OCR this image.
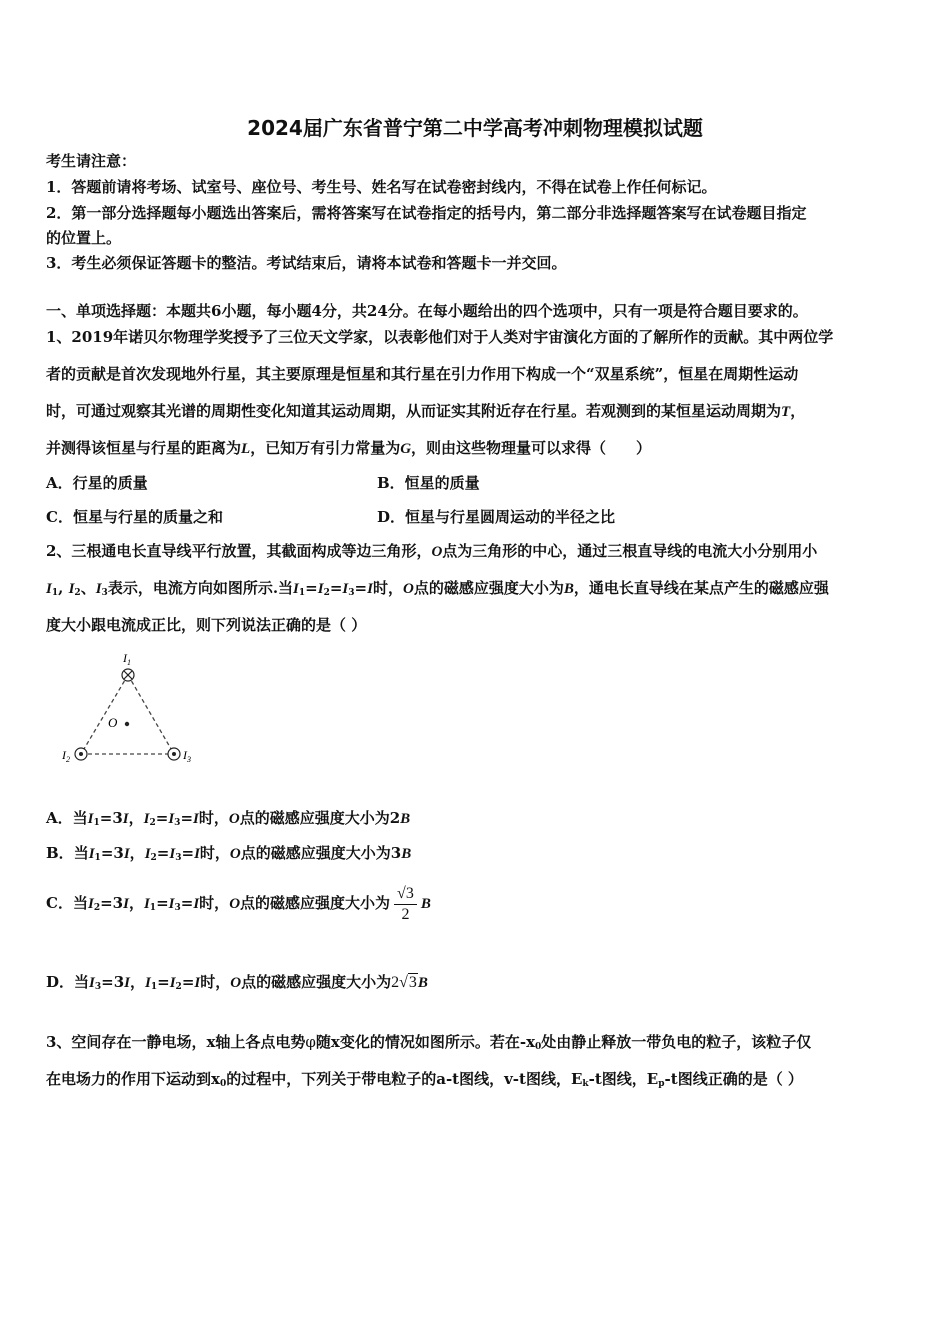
2024届广东省普宁第二中学高考冲刺物理模拟试题
考生请注意：
1．答题前请将考场、试室号、座位号、考生号、姓名写在试卷密封线内，不得在试卷上作任何标记。
2．第一部分选择题每小题选出答案后，需将答案写在试卷指定的括号内，第二部分非选择题答案写在试卷题目指定
的位置上。
3．考生必须保证答题卡的整洁。考试结束后，请将本试卷和答题卡一并交回。
一、单项选择题：本题共6小题，每小题4分，共24分。在每小题给出的四个选项中，只有一项是符合题目要求的。
1、2019年诺贝尔物理学奖授予了三位天文学家，以表彰他们对于人类对宇宙演化方面的了解所作的贡献。其中两位学
者的贡献是首次发现地外行星，其主要原理是恒星和其行星在引力作用下构成一个“双星系统”，恒星在周期性运动
时，可通过观察其光谱的周期性变化知道其运动周期，从而证实其附近存在行星。若观测到的某恒星运动周期为T，
并测得该恒星与行星的距离为L，已知万有引力常量为G，则由这些物理量可以求得（　　）
A．行星的质量	B．恒星的质量
C．恒星与行星的质量之和	D．恒星与行星圆周运动的半径之比
2、三根通电长直导线平行放置，其截面构成等边三角形，O点为三角形的中心，通过三根直导线的电流大小分别用小
$I_1$, $I_2$、$I_3$表示，电流方向如图所示.当$I_1=I_2=I_3=I$时，O点的磁感应强度大小为B，通电长直导线在某点产生的磁感应强
度大小跟电流成正比，则下列说法正确的是（ ）
O
$I_1$
$I_2$	$I_3$
A．当$I_1=3I$，$I_2=I_3=I$时，O点的磁感应强度大小为2B
B．当$I_1=3I$，$I_2=I_3=I$时，O点的磁感应强度大小为3B
C．当$I_2=3I$，$I_1=I_3=I$时，O点的磁感应强度大小为 $\frac{√3}{2}$ B
D．当$I_3=3I$，$I_1=I_2=I$时，O点的磁感应强度大小为2√3B
3、空间存在一静电场，x轴上各点电势φ随x变化的情况如图所示。若在$-x_0$处由静止释放一带负电的粒子，该粒子仅
在电场力的作用下运动到$x_0$的过程中，下列关于带电粒子的a-t图线，v-t图线，$E_k-t$图线，$E_p-t$图线正确的是（ ）
